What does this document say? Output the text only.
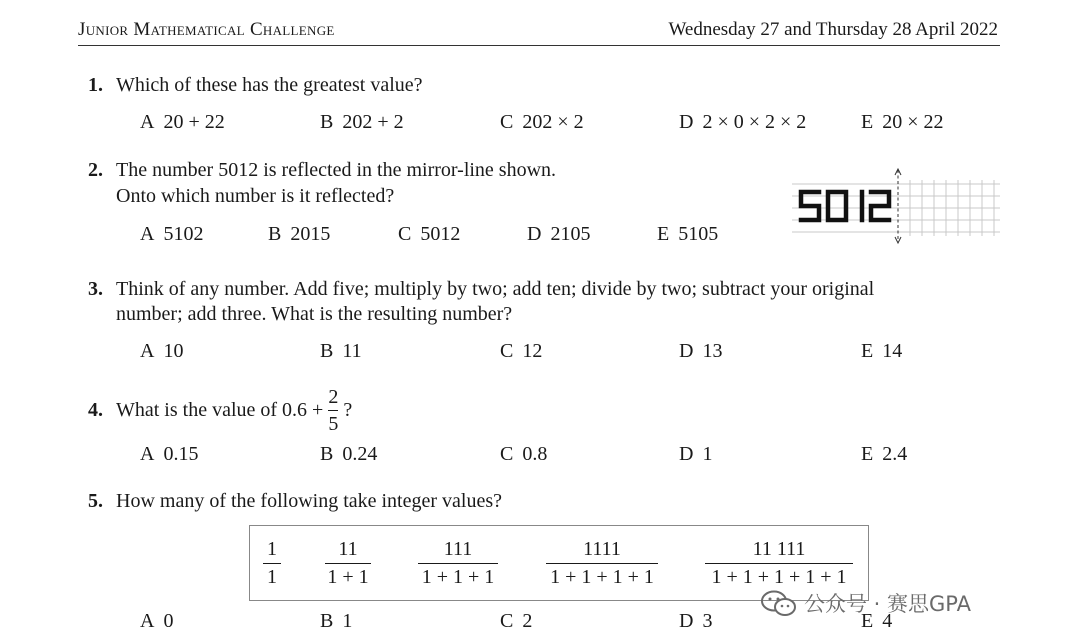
Junior Mathematical Challenge	Wednesday 27 and Thursday 28 April 2022
1. Which of these has the greatest value?
A 20 + 22	B 202 + 2	C 202 × 2	D 2 × 0 × 2 × 2	E 20 × 22
2. The number 5012 is reflected in the mirror-line shown.
Onto which number is it reflected?
A 5102	B 2015	C 5012	D 2105	E 5105
3. Think of any number. Add five; multiply by two; add ten; divide by two; subtract your original
number; add three. What is the resulting number?
A 10	B 11	C 12	D 13	E 14
4. What is the value of $0.6 + \frac{2}{5}$ ?
A 0.15	B 0.24	C 0.8	D 1	E 2.4
5. How many of the following take integer values?
1
1
11
1 + 1
111
1 + 1 + 1
1111
1 + 1 + 1 + 1
11 111
1 + 1 + 1 + 1 + 1
A 0	B 1	C 2	D 3	E 4
公众号 · 赛思GPA
